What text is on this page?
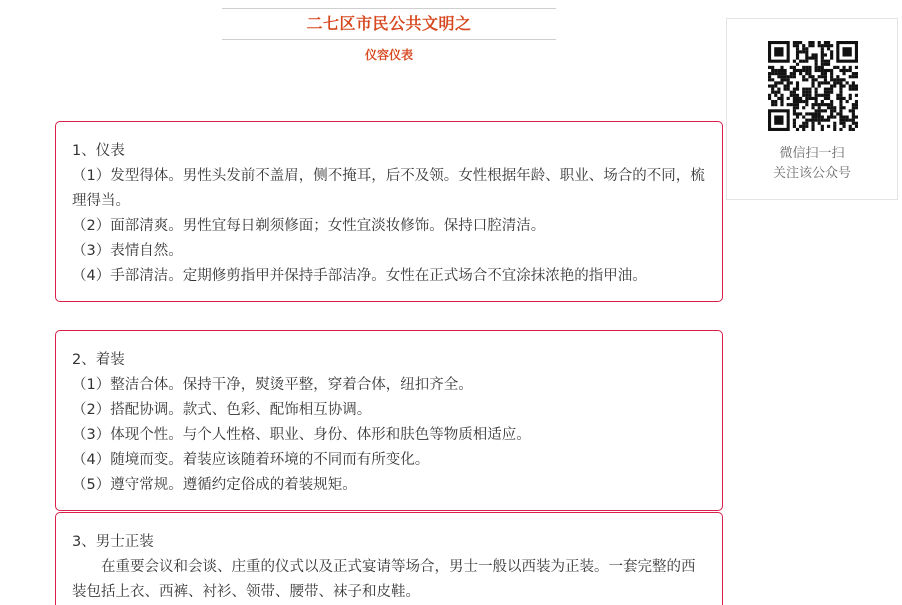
二七区市民公共文明之
仪容仪表
1、仪表
（1）发型得体。男性头发前不盖眉，侧不掩耳，后不及领。女性根据年龄、职业、场合的不同，梳理得当。
（2）面部清爽。男性宜每日剃须修面；女性宜淡妆修饰。保持口腔清洁。
（3）表情自然。
（4）手部清洁。定期修剪指甲并保持手部洁净。女性在正式场合不宜涂抹浓艳的指甲油。
2、着装
（1）整洁合体。保持干净，熨烫平整，穿着合体，纽扣齐全。
（2）搭配协调。款式、色彩、配饰相互协调。
（3）体现个性。与个人性格、职业、身份、体形和肤色等物质相适应。
（4）随境而变。着装应该随着环境的不同而有所变化。
（5）遵守常规。遵循约定俗成的着装规矩。
3、男士正装
在重要会议和会谈、庄重的仪式以及正式宴请等场合，男士一般以西装为正装。一套完整的西装包括上衣、西裤、衬衫、领带、腰带、袜子和皮鞋。
微信扫一扫
关注该公众号
